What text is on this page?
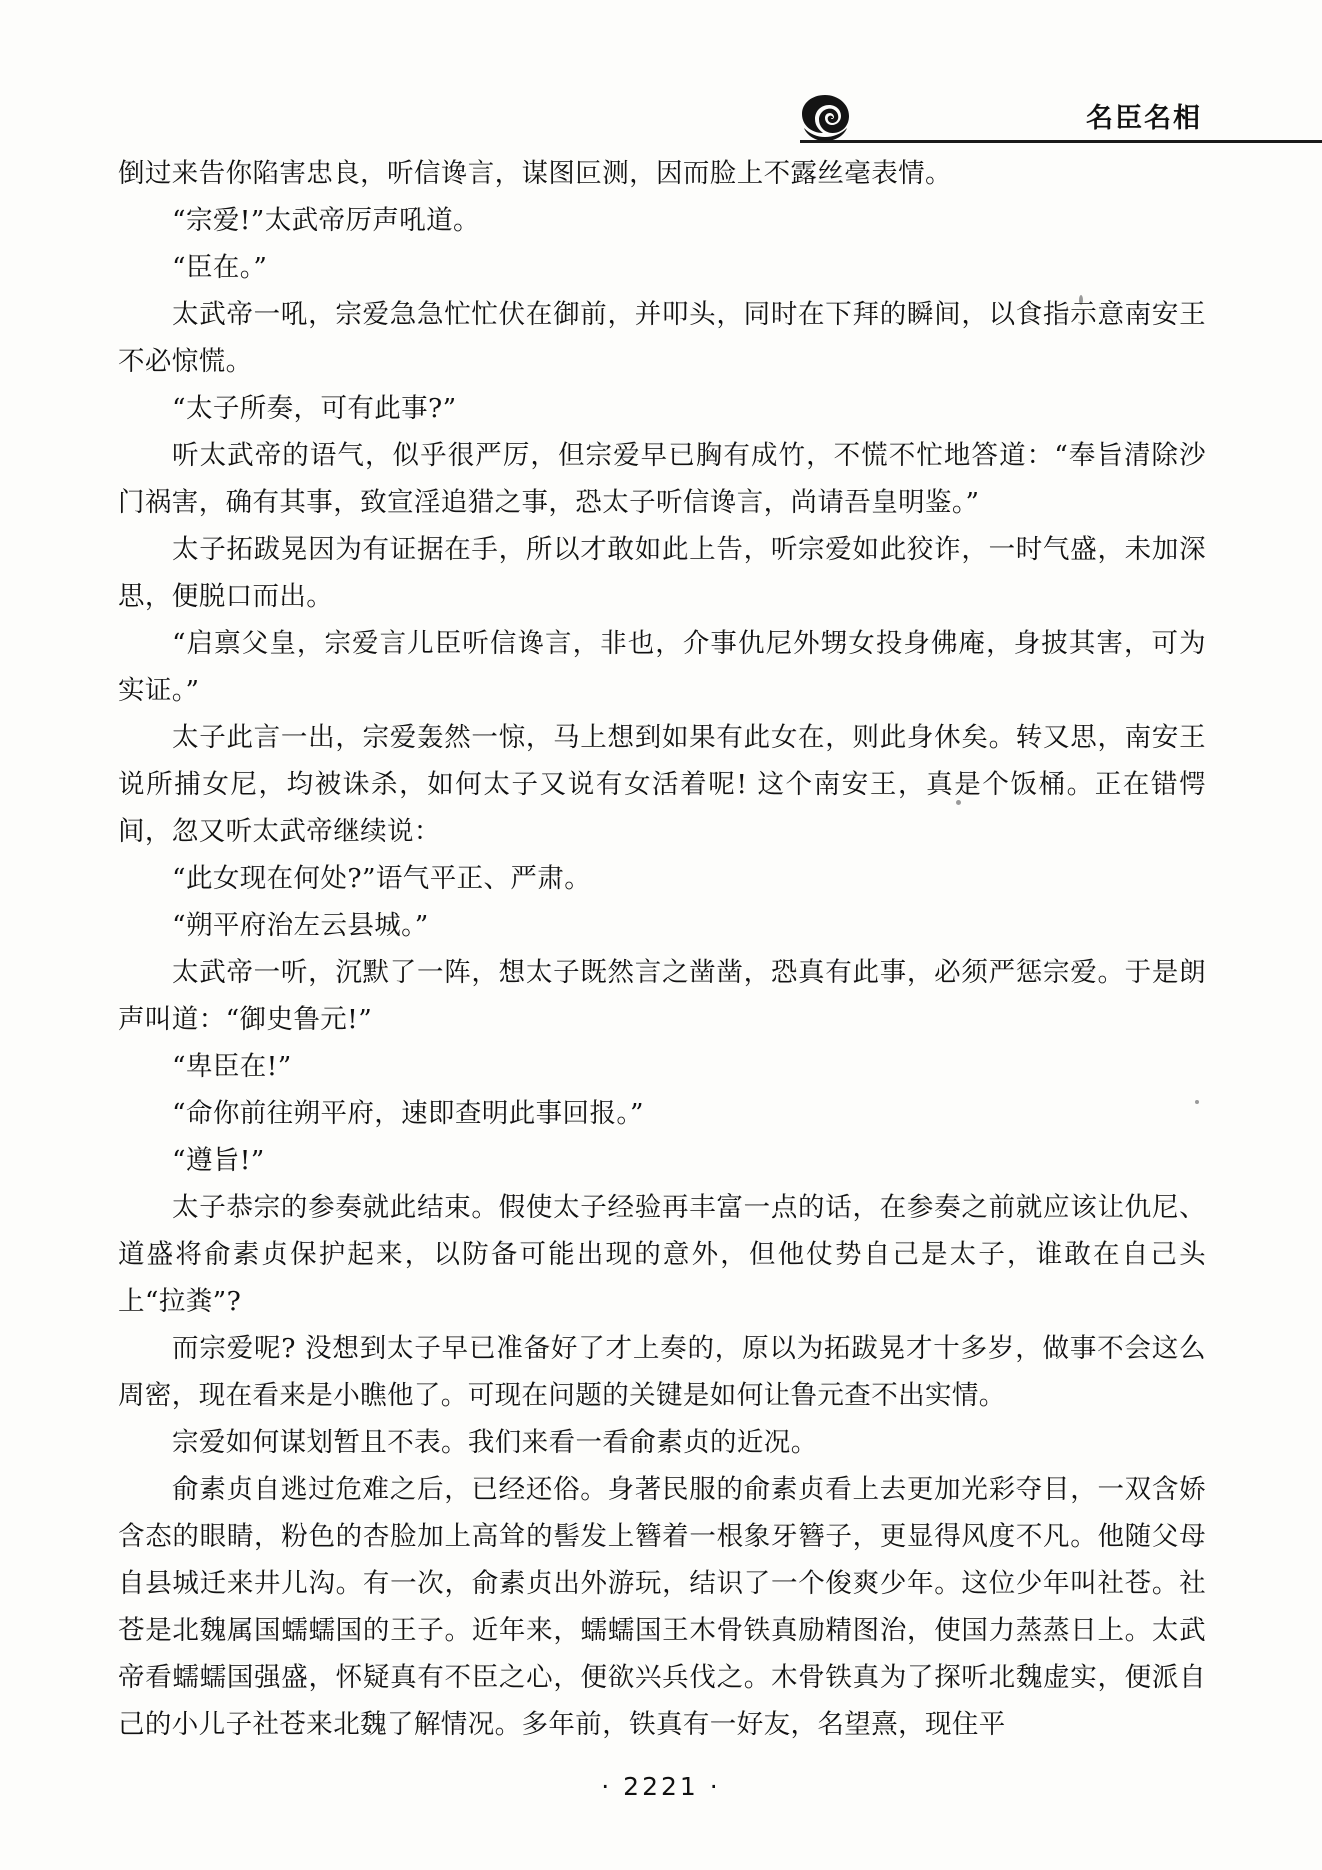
名臣名相

倒过来告你陷害忠良，听信谗言，谋图叵测，因而脸上不露丝毫表情。

“宗爱!”太武帝厉声吼道。

“臣在。”

太武帝一吼，宗爱急急忙忙伏在御前，并叩头，同时在下拜的瞬间，以食指示意南安王不必惊慌。

“太子所奏，可有此事?”

听太武帝的语气，似乎很严厉，但宗爱早已胸有成竹，不慌不忙地答道：“奉旨清除沙门祸害，确有其事，致宣淫追猎之事，恐太子听信谗言，尚请吾皇明鉴。”

太子拓跋晃因为有证据在手，所以才敢如此上告，听宗爱如此狡诈，一时气盛，未加深思，便脱口而出。

“启禀父皇，宗爱言儿臣听信谗言，非也，介事仇尼外甥女投身佛庵，身披其害，可为实证。”

太子此言一出，宗爱轰然一惊，马上想到如果有此女在，则此身休矣。转又思，南安王说所捕女尼，均被诛杀，如何太子又说有女活着呢! 这个南安王，真是个饭桶。正在错愕间，忽又听太武帝继续说：

“此女现在何处?”语气平正、严肃。

“朔平府治左云县城。”

太武帝一听，沉默了一阵，想太子既然言之凿凿，恐真有此事，必须严惩宗爱。于是朗声叫道：“御史鲁元!”

“卑臣在!”

“命你前往朔平府，速即查明此事回报。”

“遵旨!”

太子恭宗的参奏就此结束。假使太子经验再丰富一点的话，在参奏之前就应该让仇尼、道盛将俞素贞保护起来，以防备可能出现的意外，但他仗势自己是太子，谁敢在自己头上“拉粪”?

而宗爱呢? 没想到太子早已准备好了才上奏的，原以为拓跋晃才十多岁，做事不会这么周密，现在看来是小瞧他了。可现在问题的关键是如何让鲁元查不出实情。

宗爱如何谋划暂且不表。我们来看一看俞素贞的近况。

俞素贞自逃过危难之后，已经还俗。身著民服的俞素贞看上去更加光彩夺目，一双含娇含态的眼睛，粉色的杏脸加上高耸的髻发上簪着一根象牙簪子，更显得风度不凡。他随父母自县城迁来井儿沟。有一次，俞素贞出外游玩，结识了一个俊爽少年。这位少年叫社苍。社苍是北魏属国蠕蠕国的王子。近年来，蠕蠕国王木骨铁真励精图治，使国力蒸蒸日上。太武帝看蠕蠕国强盛，怀疑真有不臣之心，便欲兴兵伐之。木骨铁真为了探听北魏虚实，便派自己的小儿子社苍来北魏了解情况。多年前，铁真有一好友，名望熹，现住平

· 2221 ·
